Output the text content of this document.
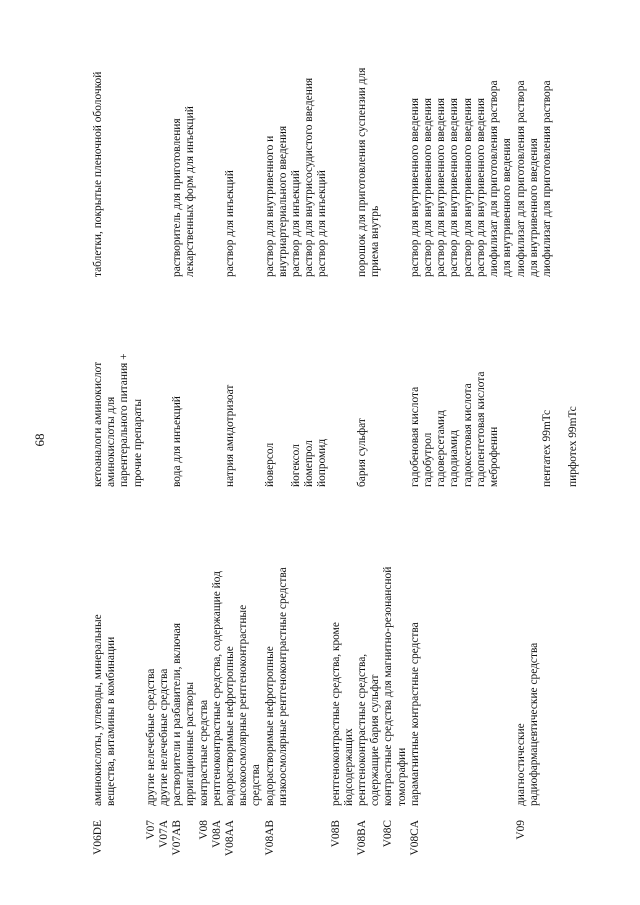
68
V06DE
аминокислоты, углеводы, минеральные
вещества, витамины в комбинации
кетоаналоги аминокислот
аминокислоты для
парентерального питания +
прочие препараты
таблетки, покрытые пленочной оболочкой
V07
другие нелечебные средства
V07A
другие нелечебные средства
V07AB
растворители и разбавители, включая
ирригационные растворы
вода для инъекций
растворитель для приготовления
лекарственных форм для инъекций
V08
контрастные средства
V08A
рентгеноконтрастные средства, содержащие йод
V08AA
водорастворимые нефротропные
высокоосмолярные рентгеноконтрастные
средства
натрия амидотризоат
раствор для инъекций
V08AB
водорастворимые нефротропные
низкоосмолярные рентгеноконтрастные средства
йоверсол

йогексол
йомепрол
йопромид
раствор для внутривенного и
внутриартериального введения
раствор для инъекций
раствор для внутрисосудистого введения
раствор для инъекций
V08B
рентгеноконтрастные средства, кроме
йодсодержащих
V08BA
рентгеноконтрастные средства,
содержащие бария сульфат
бария сульфат
порошок для приготовления суспензии для
приема внутрь
V08C
контрастные средства для магнитно-резонансной
томографии
V08CA
парамагнитные контрастные средства
гадобеновая кислота
гадобутрол
гадоверсетамид
гадодиамид
гадоксетовая кислота
гадопентетовая кислота
меброфенин
раствор для внутривенного введения
раствор для внутривенного введения
раствор для внутривенного введения
раствор для внутривенного введения
раствор для внутривенного введения
раствор для внутривенного введения
лиофилизат для приготовления раствора
для внутривенного введения
V09
диагностические
радиофармацевтические средства

пентатех 99mTc

пирфотех 99mTc
лиофилизат для приготовления раствора
для внутривенного введения
лиофилизат для приготовления раствора
